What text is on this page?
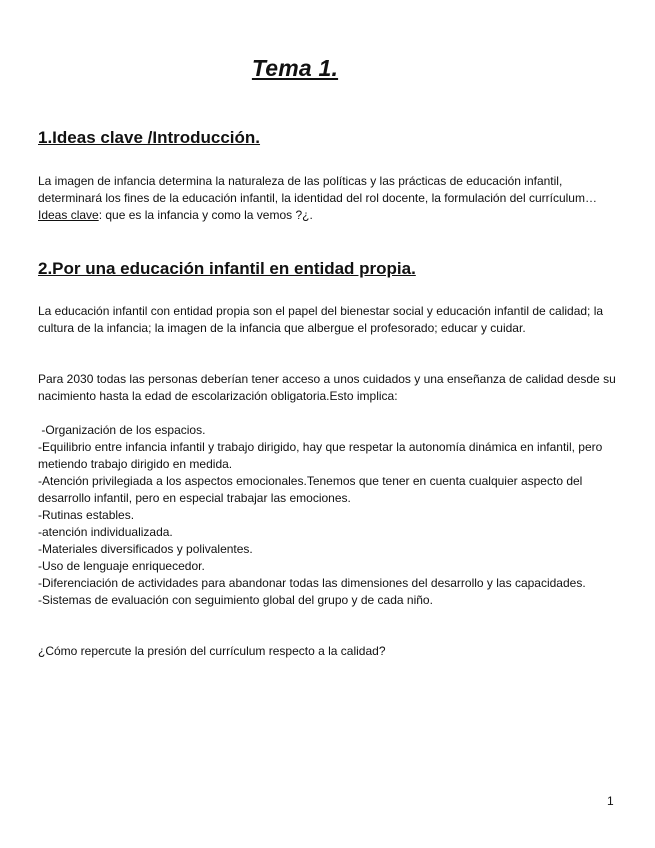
Tema 1.
1.Ideas clave /Introducción.

La imagen de infancia determina la naturaleza de las políticas y las prácticas de educación infantil, determinará los fines de la educación infantil, la identidad del rol docente, la formulación del currículum…

Ideas clave: que es la infancia y como la vemos ?¿.

2.Por una educación infantil en entidad propia.
La educación infantil con entidad propia son el papel del bienestar social y educación infantil de calidad; la cultura de la infancia; la imagen de la infancia que albergue el profesorado; educar y cuidar.
Para 2030 todas las personas deberían tener acceso a unos cuidados y una enseñanza de calidad desde su nacimiento hasta la edad de escolarización obligatoria.Esto implica:
-Organización de los espacios.
-Equilibrio entre infancia infantil y trabajo dirigido, hay que respetar la autonomía dinámica en infantil, pero metiendo trabajo dirigido en medida.
-Atención privilegiada a los aspectos emocionales.Tenemos que tener en cuenta cualquier aspecto del desarrollo infantil, pero en especial trabajar las emociones.
-Rutinas estables.
-atención individualizada.
-Materiales diversificados y polivalentes.
-Uso de lenguaje enriquecedor.
-Diferenciación de actividades para abandonar todas las dimensiones del desarrollo y las capacidades.
-Sistemas de evaluación con seguimiento global del grupo y de cada niño.
¿Cómo repercute la presión del currículum respecto a la calidad?
1
